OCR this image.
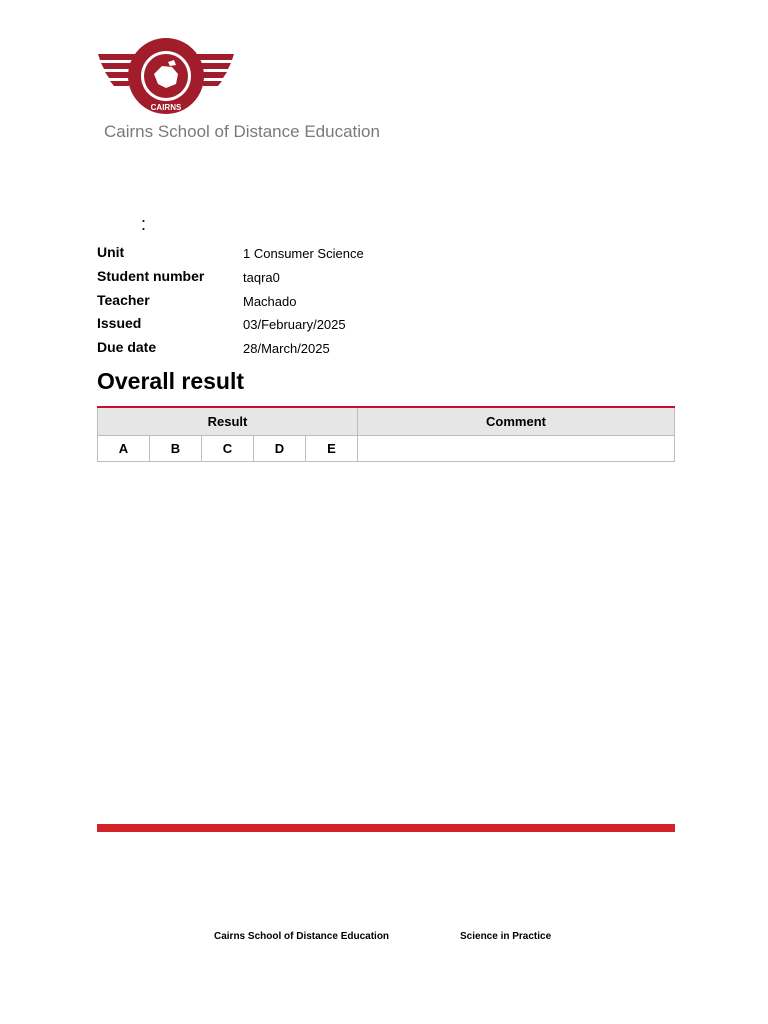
CAIRNS
Cairns School of Distance Education
:
Unit	1 Consumer Science
Student number	taqra0
Teacher	Machado
Issued	03/February/2025
Due date	28/March/2025
Overall result
Result					Comment
A	B	C	D	E	
Cairns School of Distance Education	Science in Practice
